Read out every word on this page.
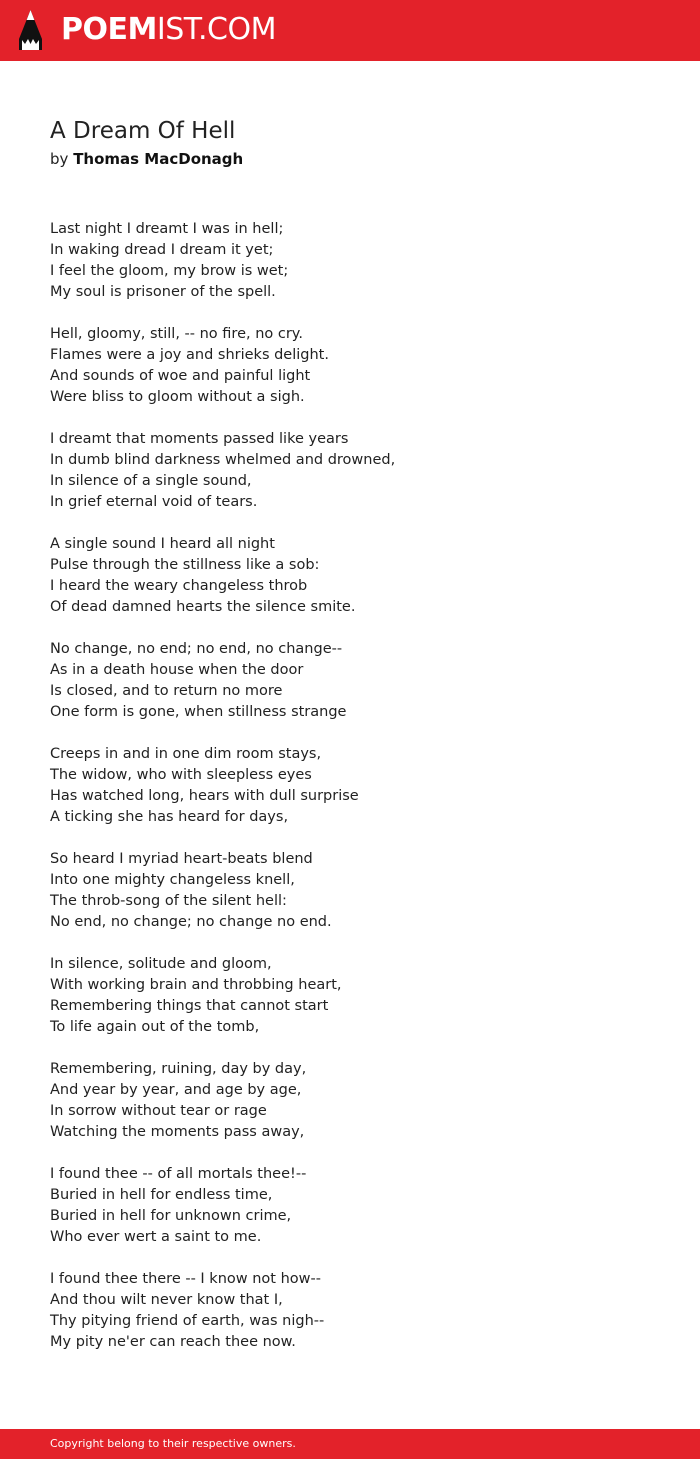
POEMIST.COM
A Dream Of Hell
by Thomas MacDonagh
Last night I dreamt I was in hell;
In waking dread I dream it yet;
I feel the gloom, my brow is wet;
My soul is prisoner of the spell.
Hell, gloomy, still, -- no fire, no cry.
Flames were a joy and shrieks delight.
And sounds of woe and painful light
Were bliss to gloom without a sigh.
I dreamt that moments passed like years
In dumb blind darkness whelmed and drowned,
In silence of a single sound,
In grief eternal void of tears.
A single sound I heard all night
Pulse through the stillness like a sob:
I heard the weary changeless throb
Of dead damned hearts the silence smite.
No change, no end; no end, no change--
As in a death house when the door
Is closed, and to return no more
One form is gone, when stillness strange
Creeps in and in one dim room stays,
The widow, who with sleepless eyes
Has watched long, hears with dull surprise
A ticking she has heard for days,
So heard I myriad heart-beats blend
Into one mighty changeless knell,
The throb-song of the silent hell:
No end, no change; no change no end.
In silence, solitude and gloom,
With working brain and throbbing heart,
Remembering things that cannot start
To life again out of the tomb,
Remembering, ruining, day by day,
And year by year, and age by age,
In sorrow without tear or rage
Watching the moments pass away,
I found thee -- of all mortals thee!--
Buried in hell for endless time,
Buried in hell for unknown crime,
Who ever wert a saint to me.
I found thee there -- I know not how--
And thou wilt never know that I,
Thy pitying friend of earth, was nigh--
My pity ne'er can reach thee now.
Copyright belong to their respective owners.
